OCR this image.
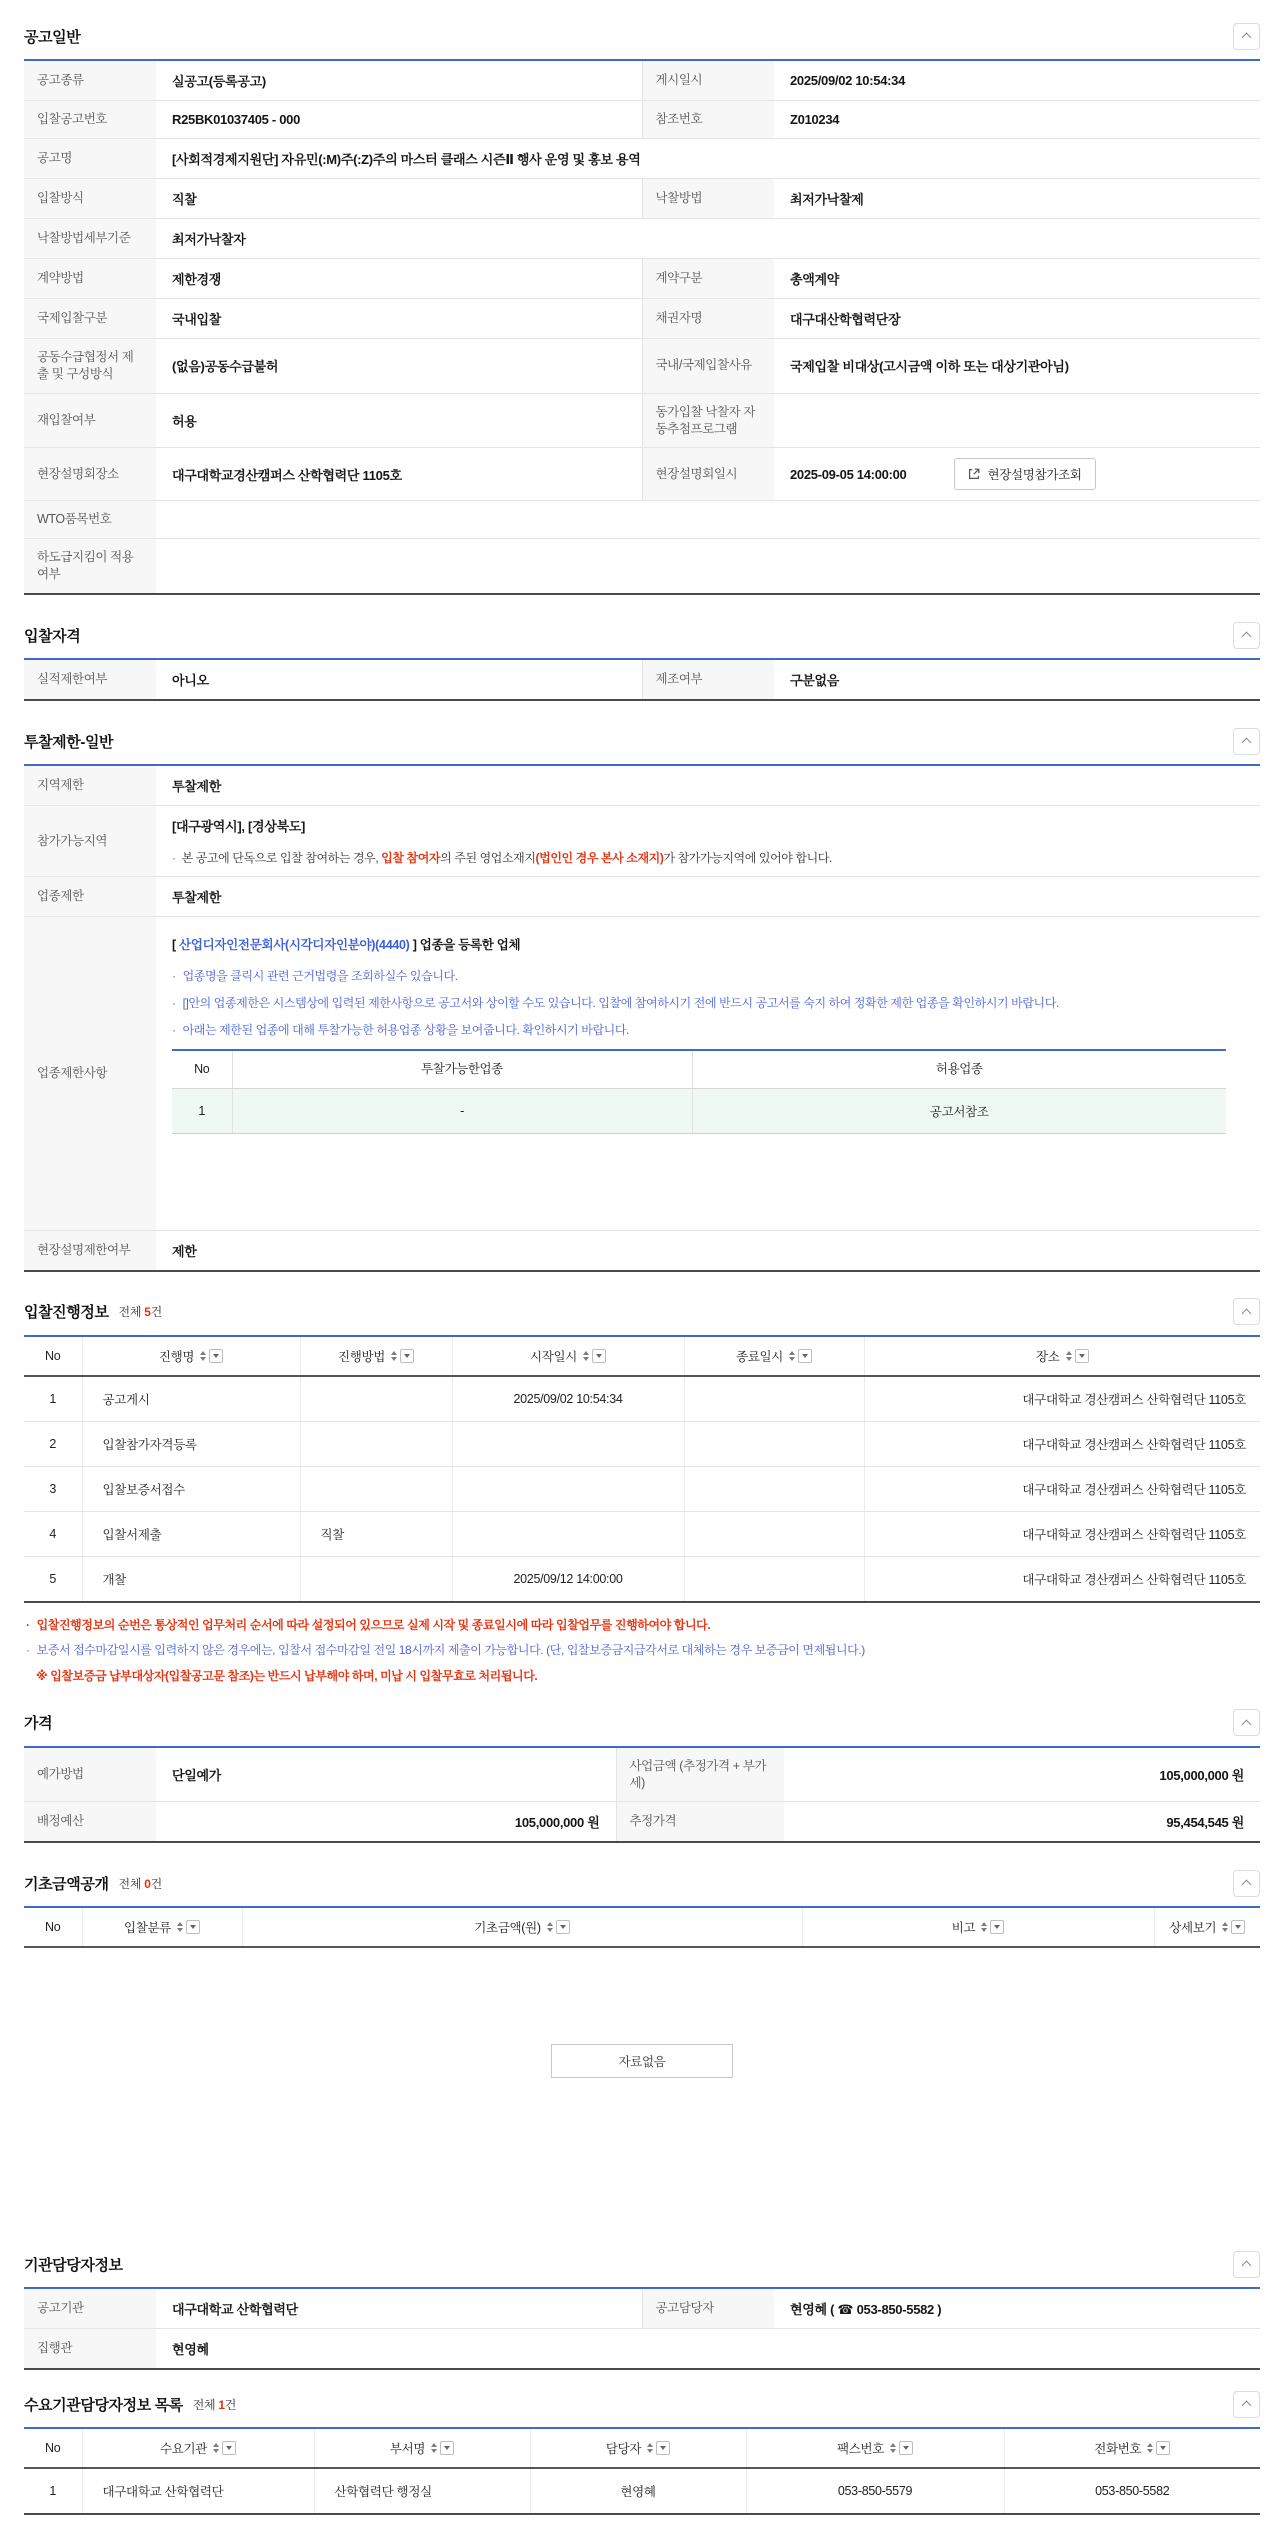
공고일반
공고종류	실공고(등록공고)	게시일시	2025/09/02 10:54:34
입찰공고번호	R25BK01037405 - 000	참조번호	Z010234
공고명	[사회적경제지원단] 자유민(:M)주(:Z)주의 마스터 클래스 시즌Ⅱ 행사 운영 및 홍보 용역		
입찰방식	직찰	낙찰방법	최저가낙찰제
낙찰방법세부기준	최저가낙찰자		
계약방법	제한경쟁	계약구분	총액계약
국제입찰구분	국내입찰	채권자명	대구대산학협력단장
공동수급협정서 제출 및 구성방식	(없음)공동수급불허	국내/국제입찰사유	국제입찰 비대상(고시금액 이하 또는 대상기관아님)
재입찰여부	허용	동가입찰 낙찰자 자동추첨프로그램	
현장설명회장소	대구대학교경산캠퍼스 산학협력단 1105호	현장설명회일시	2025-09-05 14:00:00 현장설명참가조회

WTO품목번호			
하도급지킴이 적용여부			
입찰자격
실적제한여부	아니오	제조여부	구분없음
투찰제한-일반
지역제한	투찰제한
참가가능지역	
[대구광역시], [경상북도]
· 본 공고에 단독으로 입찰 참여하는 경우, 입찰 참여자의 주된 영업소재지(법인인 경우 본사 소재지)가 참가가능지역에 있어야 합니다.

업종제한	투찰제한
업종제한사항	
[ 산업디자인전문회사(시각디자인분야)(4440) ] 업종을 등록한 업체
· 업종명을 클릭시 관련 근거법령을 조회하실수 있습니다.
· []안의 업종제한은 시스템상에 입력된 제한사항으로 공고서와 상이할 수도 있습니다. 입찰에 참여하시기 전에 반드시 공고서를 숙지 하여 정확한 제한 업종을 확인하시기 바랍니다.
· 아래는 제한된 업종에 대해 투찰가능한 허용업종 상황을 보여줍니다. 확인하시기 바랍니다.
No	투찰가능한업종	허용업종
1	-	공고서참조

현장설명제한여부	제한
입찰진행정보 전체 5건
No	진행명	진행방법	시작일시	종료일시	장소

1	공고게시		2025/09/02 10:54:34		대구대학교 경산캠퍼스 산학협력단 1105호
2	입찰참가자격등록				대구대학교 경산캠퍼스 산학협력단 1105호
3	입찰보증서접수				대구대학교 경산캠퍼스 산학협력단 1105호
4	입찰서제출	직찰			대구대학교 경산캠퍼스 산학협력단 1105호
5	개찰		2025/09/12 14:00:00		대구대학교 경산캠퍼스 산학협력단 1105호
· 입찰진행정보의 순번은 통상적인 업무처리 순서에 따라 설정되어 있으므로 실제 시작 및 종료일시에 따라 입찰업무를 진행하여야 합니다.
· 보증서 접수마감일시를 입력하지 않은 경우에는, 입찰서 접수마감일 전일 18시까지 제출이 가능합니다. (단, 입찰보증금지급각서로 대체하는 경우 보증금이 면제됩니다.)
※ 입찰보증금 납부대상자(입찰공고문 참조)는 반드시 납부해야 하며, 미납 시 입찰무효로 처리됩니다.
가격
예가방법	단일예가	사업금액 (추정가격 + 부가세)	105,000,000 원
배정예산	105,000,000 원	추정가격	95,454,545 원
기초금액공개 전체 0건
No	입찰분류	기초금액(원)	비고	상세보기
자료없음
기관담당자정보
공고기관	대구대학교 산학협력단	공고담당자	현영혜 ( ☎ 053-850-5582 )
집행관	현영혜		
수요기관담당자정보 목록 전체 1건
No	수요기관	부서명	담당자	팩스번호	전화번호

1	대구대학교 산학협력단	산학협력단 행정실	현영혜	053-850-5579	053-850-5582
